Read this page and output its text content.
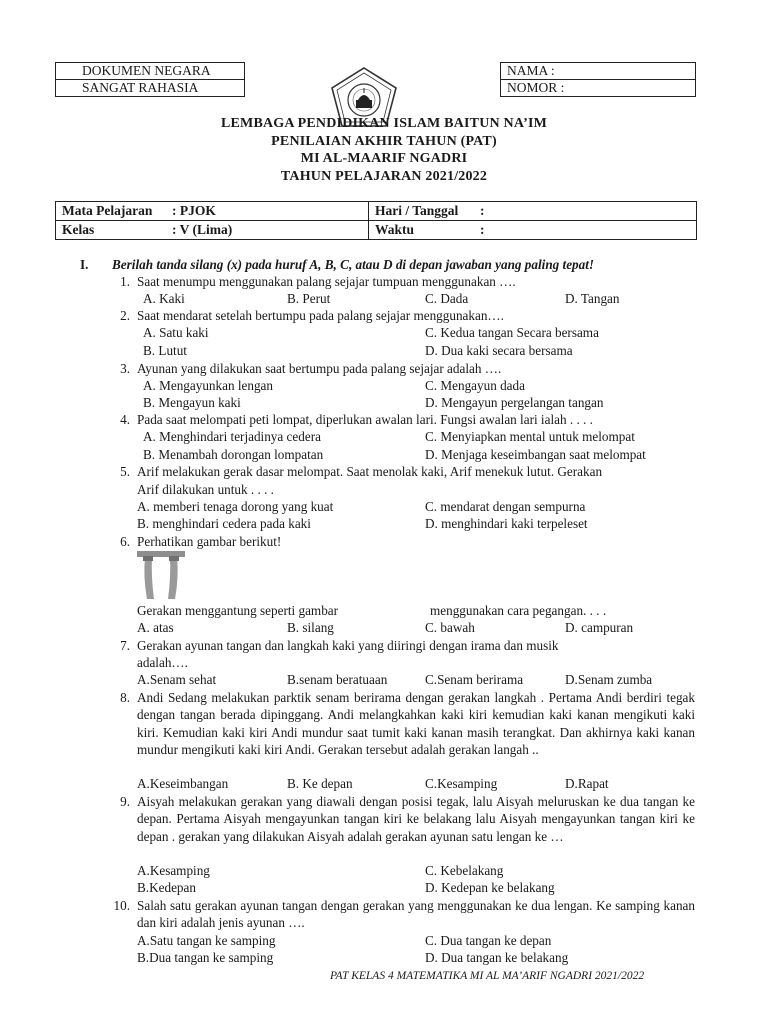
DOKUMEN NEGARA
SANGAT RAHASIA
NAMA :
NOMOR :
LEMBAGA PENDIDIKAN ISLAM BAITUN NA’IM
PENILAIAN AKHIR TAHUN (PAT)
MI AL-MAARIF NGADRI
TAHUN PELAJARAN 2021/2022
Mata Pelajaran : PJOK	Hari / Tanggal :
Kelas : V (Lima)	Waktu :
I. Berilah tanda silang (x) pada huruf A, B, C, atau D di depan jawaban yang paling tepat!
1. Saat menumpu menggunakan palang sejajar tumpuan menggunakan ….
A. Kaki	B. Perut	C. Dada	D. Tangan
2. Saat mendarat setelah bertumpu pada palang sejajar menggunakan….
A. Satu kaki	C. Kedua tangan Secara bersama
B. Lutut	D. Dua kaki secara bersama
3. Ayunan yang dilakukan saat bertumpu pada palang sejajar adalah ….
A. Mengayunkan lengan	C. Mengayun dada
B. Mengayun kaki	D. Mengayun pergelangan tangan
4. Pada saat melompati peti lompat, diperlukan awalan lari. Fungsi awalan lari ialah . . . .
A. Menghindari terjadinya cedera	C. Menyiapkan mental untuk melompat
B. Menambah dorongan lompatan	D. Menjaga keseimbangan saat melompat
5. Arif melakukan gerak dasar melompat. Saat menolak kaki, Arif menekuk lutut. Gerakan
Arif dilakukan untuk . . . .
A. memberi tenaga dorong yang kuat	C. mendarat dengan sempurna
B. menghindari cedera pada kaki	D. menghindari kaki terpeleset
6. Perhatikan gambar berikut!
Gerakan menggantung seperti gambar	menggunakan cara pegangan. . . .
A. atas	B. silang	C. bawah	D. campuran
7. Gerakan ayunan tangan dan langkah kaki yang diiringi dengan irama dan musik
adalah….
A.Senam sehat	B.senam beratuaan	C.Senam berirama	D.Senam zumba
8. Andi Sedang melakukan parktik senam berirama dengan gerakan langkah . Pertama Andi berdiri tegak dengan tangan berada dipinggang. Andi melangkahkan kaki kiri kemudian kaki kanan mengikuti kaki kiri. Kemudian kaki kiri Andi mundur saat tumit kaki kanan masih terangkat. Dan akhirnya kaki kanan mundur mengikuti kaki kiri Andi. Gerakan tersebut adalah gerakan langah ..
A.Keseimbangan	B. Ke depan	C.Kesamping	D.Rapat
9. Aisyah melakukan gerakan yang diawali dengan posisi tegak, lalu Aisyah meluruskan ke dua tangan ke depan. Pertama Aisyah mengayunkan tangan kiri ke belakang lalu Aisyah mengayunkan tangan kiri ke depan . gerakan yang dilakukan Aisyah adalah gerakan ayunan satu lengan ke …
A.Kesamping	C. Kebelakang
B.Kedepan	D. Kedepan ke belakang
10. Salah satu gerakan ayunan tangan dengan gerakan yang menggunakan ke dua lengan. Ke samping kanan dan kiri adalah jenis ayunan ….
A.Satu tangan ke samping	C. Dua tangan ke depan
B.Dua tangan ke samping	D. Dua tangan ke belakang
PAT KELAS 4 MATEMATIKA MI AL MA’ARIF NGADRI 2021/2022
